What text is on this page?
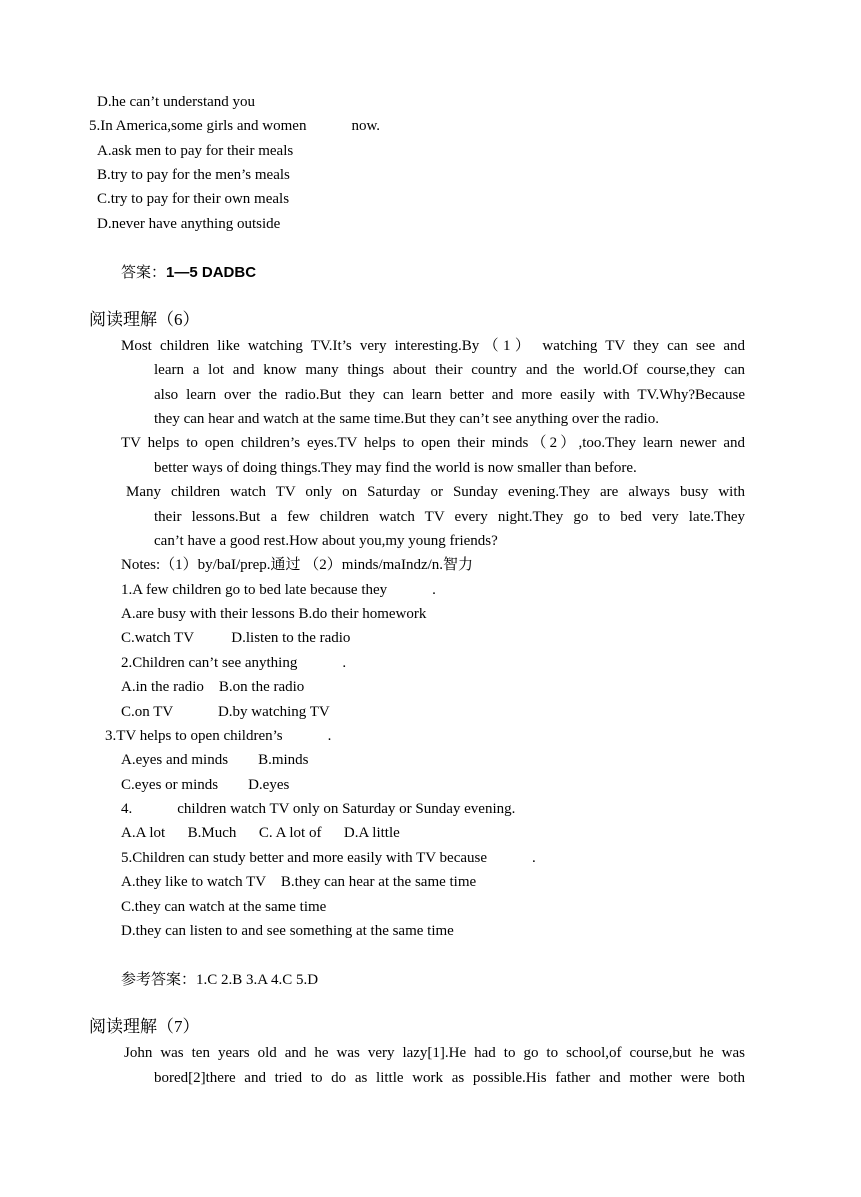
D.he can’t understand you
5.In America,some girls and women            now.
A.ask men to pay for their meals
B.try to pay for the men’s meals
C.try to pay for their own meals
D.never have anything outside
答案：1—5 DADBC
阅读理解（6）
Most children like watching TV.It’s very interesting.By（1） watching TV they can see and
learn a lot and know many things about their country and the world.Of course,they can
also learn over the radio.But they can learn better and more easily with TV.Why?Because
they can hear and watch at the same time.But they can’t see anything over the radio.
TV helps to open children’s eyes.TV helps to open their minds（2）,too.They learn newer and
better ways of doing things.They may find the world is now smaller than before.
Many children watch TV only on Saturday or Sunday evening.They are always busy with
their lessons.But a few children watch TV every night.They go to bed very late.They
can’t have a good rest.How about you,my young friends?
Notes:（1）by/baI/prep.通过 （2）minds/maIndz/n.智力
1.A few children go to bed late because they            .
A.are busy with their lessons B.do their homework
C.watch TV          D.listen to the radio
2.Children can’t see anything            .
A.in the radio    B.on the radio
C.on TV            D.by watching TV
3.TV helps to open children’s            .
A.eyes and minds        B.minds
C.eyes or minds        D.eyes
4.            children watch TV only on Saturday or Sunday evening.
A.A lot      B.Much      C. A lot of      D.A little
5.Children can study better and more easily with TV because            .
A.they like to watch TV    B.they can hear at the same time
C.they can watch at the same time
D.they can listen to and see something at the same time
参考答案：1.C 2.B 3.A 4.C 5.D
阅读理解（7）
John was ten years old and he was very lazy[1].He had to go to school,of course,but he was
bored[2]there and tried to do as little work as possible.His father and mother were both
